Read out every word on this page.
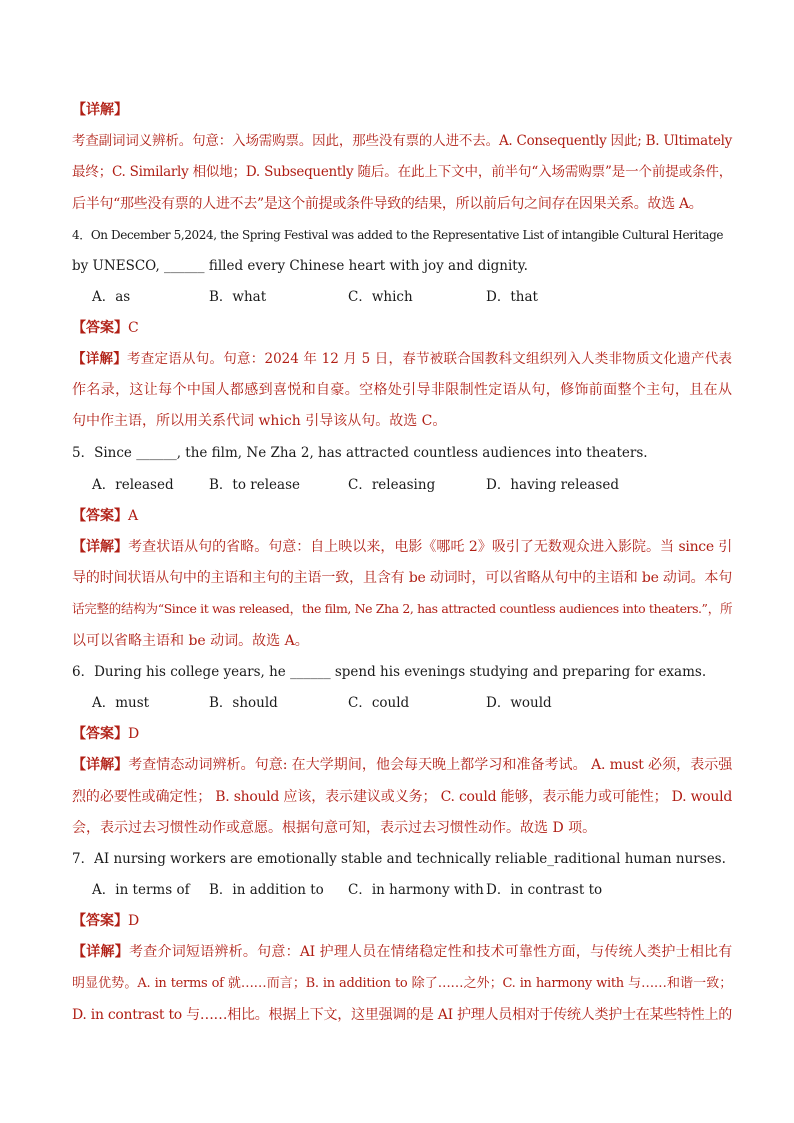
【详解】
考查副词词义辨析。句意：入场需购票。因此，那些没有票的人进不去。A. Consequently 因此; B. Ultimately
最终；C. Similarly 相似地；D. Subsequently 随后。在此上下文中，前半句“入场需购票”是一个前提或条件，
后半句“那些没有票的人进不去”是这个前提或条件导致的结果，所以前后句之间存在因果关系。故选 A。
4．On December 5,2024, the Spring Festival was added to the Representative List of intangible Cultural Heritage
by UNESCO, ______ filled every Chinese heart with joy and dignity.
A．as	B．what	C．which	D．that
【答案】C
【详解】考查定语从句。句意：2024 年 12 月 5 日，春节被联合国教科文组织列入人类非物质文化遗产代表
作名录，这让每个中国人都感到喜悦和自豪。空格处引导非限制性定语从句，修饰前面整个主句，且在从
句中作主语，所以用关系代词 which 引导该从句。故选 C。
5．Since ______, the film, Ne Zha 2, has attracted countless audiences into theaters.
A．released	B．to release	C．releasing	D．having released
【答案】A
【详解】考查状语从句的省略。句意：自上映以来，电影《哪吒 2》吸引了无数观众进入影院。当 since 引
导的时间状语从句中的主语和主句的主语一致，且含有 be 动词时，可以省略从句中的主语和 be 动词。本句
话完整的结构为“Since it was released，the film, Ne Zha 2, has attracted countless audiences into theaters.”，所
以可以省略主语和 be 动词。故选 A。
6．During his college years, he ______ spend his evenings studying and preparing for exams.
A．must	B．should	C．could	D．would
【答案】D
【详解】考查情态动词辨析。句意: 在大学期间，他会每天晚上都学习和准备考试。 A. must 必须，表示强
烈的必要性或确定性； B. should 应该，表示建议或义务； C. could 能够，表示能力或可能性； D. would
会，表示过去习惯性动作或意愿。根据句意可知，表示过去习惯性动作。故选 D 项。
7．AI nursing workers are emotionally stable and technically reliable_raditional human nurses.
A．in terms of B．in addition to C．in harmony with D．in contrast to
【答案】D
【详解】考查介词短语辨析。句意：AI 护理人员在情绪稳定性和技术可靠性方面，与传统人类护士相比有
明显优势。A. in terms of 就……而言；B. in addition to 除了……之外；C. in harmony with 与……和谐一致；
D. in contrast to 与……相比。根据上下文，这里强调的是 AI 护理人员相对于传统人类护士在某些特性上的
